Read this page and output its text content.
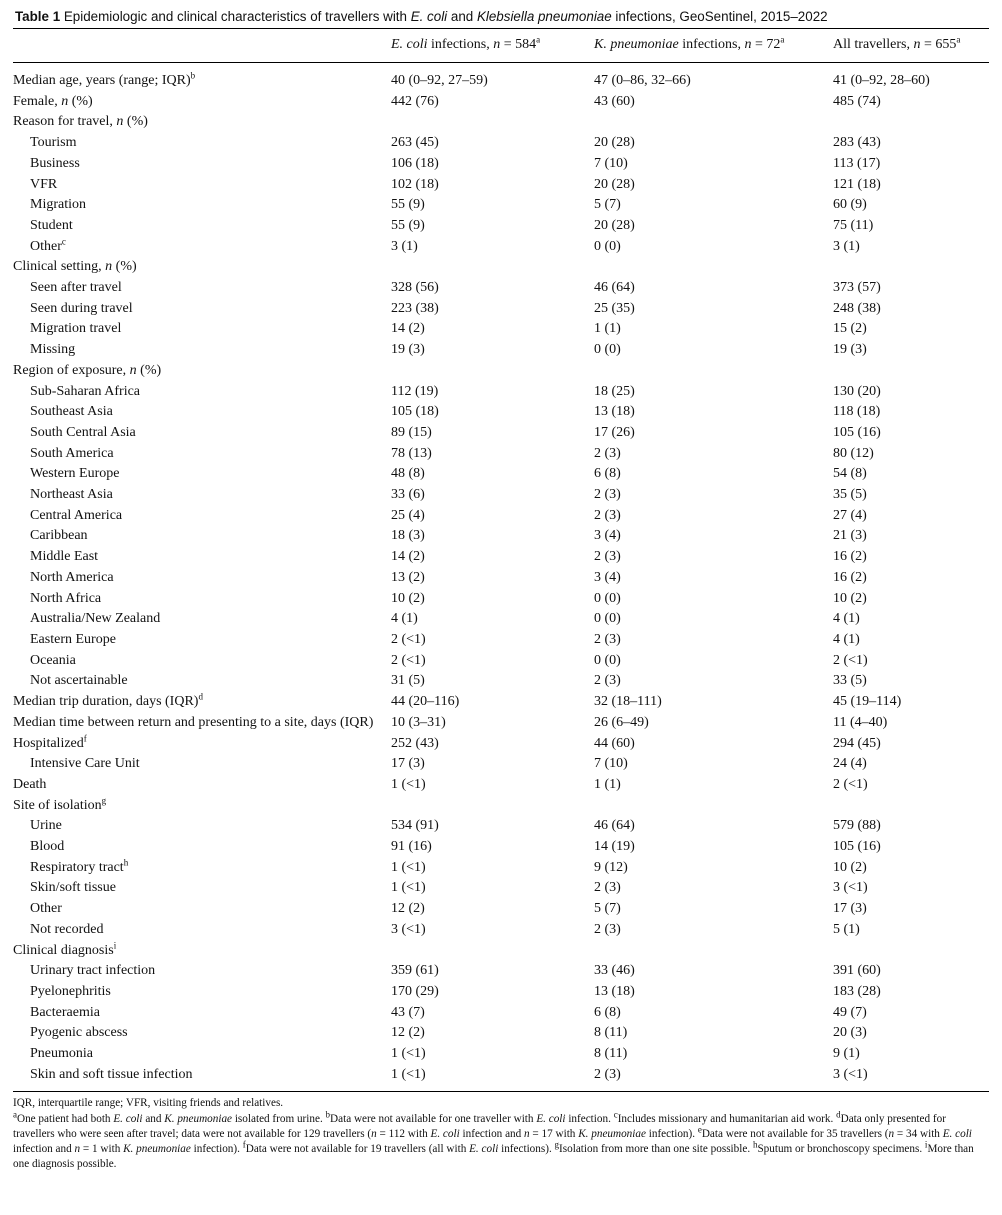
Table 1 Epidemiologic and clinical characteristics of travellers with E. coli and Klebsiella pneumoniae infections, GeoSentinel, 2015–2022
	E. coli infections, $n = 584^a$	K. pneumoniae infections, $n = 72^a$	All travellers, $n = 655^a$
Median age, years (range; IQR)$^b$	40 (0–92, 27–59)	47 (0–86, 32–66)	41 (0–92, 28–60)
Female, n (%)	442 (76)	43 (60)	485 (74)
Reason for travel, n (%)			
Tourism	263 (45)	20 (28)	283 (43)
Business	106 (18)	7 (10)	113 (17)
VFR	102 (18)	20 (28)	121 (18)
Migration	55 (9)	5 (7)	60 (9)
Student	55 (9)	20 (28)	75 (11)
Other$^c$	3 (1)	0 (0)	3 (1)
Clinical setting, n (%)			
Seen after travel	328 (56)	46 (64)	373 (57)
Seen during travel	223 (38)	25 (35)	248 (38)
Migration travel	14 (2)	1 (1)	15 (2)
Missing	19 (3)	0 (0)	19 (3)
Region of exposure, n (%)			
Sub-Saharan Africa	112 (19)	18 (25)	130 (20)
Southeast Asia	105 (18)	13 (18)	118 (18)
South Central Asia	89 (15)	17 (26)	105 (16)
South America	78 (13)	2 (3)	80 (12)
Western Europe	48 (8)	6 (8)	54 (8)
Northeast Asia	33 (6)	2 (3)	35 (5)
Central America	25 (4)	2 (3)	27 (4)
Caribbean	18 (3)	3 (4)	21 (3)
Middle East	14 (2)	2 (3)	16 (2)
North America	13 (2)	3 (4)	16 (2)
North Africa	10 (2)	0 (0)	10 (2)
Australia/New Zealand	4 (1)	0 (0)	4 (1)
Eastern Europe	2 (<1)	2 (3)	4 (1)
Oceania	2 (<1)	0 (0)	2 (<1)
Not ascertainable	31 (5)	2 (3)	33 (5)
Median trip duration, days (IQR)$^d$	44 (20–116)	32 (18–111)	45 (19–114)
Median time between return and presenting to a site, days (IQR)	10 (3–31)	26 (6–49)	11 (4–40)
Hospitalized$^f$	252 (43)	44 (60)	294 (45)
Intensive Care Unit	17 (3)	7 (10)	24 (4)
Death	1 (<1)	1 (1)	2 (<1)
Site of isolation$^g$			
Urine	534 (91)	46 (64)	579 (88)
Blood	91 (16)	14 (19)	105 (16)
Respiratory tract$^h$	1 (<1)	9 (12)	10 (2)
Skin/soft tissue	1 (<1)	2 (3)	3 (<1)
Other	12 (2)	5 (7)	17 (3)
Not recorded	3 (<1)	2 (3)	5 (1)
Clinical diagnosis$^i$			
Urinary tract infection	359 (61)	33 (46)	391 (60)
Pyelonephritis	170 (29)	13 (18)	183 (28)
Bacteraemia	43 (7)	6 (8)	49 (7)
Pyogenic abscess	12 (2)	8 (11)	20 (3)
Pneumonia	1 (<1)	8 (11)	9 (1)
Skin and soft tissue infection	1 (<1)	2 (3)	3 (<1)

IQR, interquartile range; VFR, visiting friends and relatives.

$^a$One patient had both E. coli and K. pneumoniae isolated from urine. $^b$Data were not available for one traveller with E. coli infection. $^c$Includes missionary and humanitarian aid work. $^d$Data only presented for travellers who were seen after travel; data were not available for 129 travellers (n = 112 with E. coli infection and n = 17 with K. pneumoniae infection). $^e$Data were not available for 35 travellers (n = 34 with E. coli infection and n = 1 with K. pneumoniae infection). $^f$Data were not available for 19 travellers (all with E. coli infections). $^g$Isolation from more than one site possible. $^h$Sputum or bronchoscopy specimens. $^i$More than one diagnosis possible.
